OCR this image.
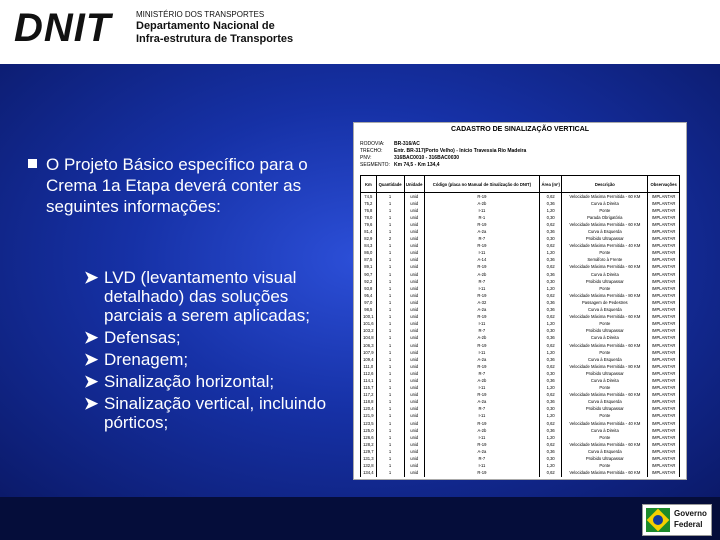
DNIT	MINISTÉRIO DOS TRANSPORTES
Departamento Nacional de
Infra-estrutura de Transportes
O Projeto Básico específico para o Crema 1a Etapa deverá conter as seguintes informações:
➤ LVD (levantamento visual detalhado) das soluções parciais a serem aplicadas;
➤ Defensas;
➤ Drenagem;
➤ Sinalização horizontal;
➤ Sinalização vertical, incluindo pórticos;
CADASTRO DE SINALIZAÇÃO VERTICAL
RODOVIA: BR-316/AC
TRECHO: Entr. BR-317(Porto Velho) - Início Travessia Rio Madeira
PNV:	316BAC0010 - 316BAC0030
SEGMENTO: Km 74,5 - Km 134,4
Km	Quantidade	Unidade	Código (placa no Manual de Sinalização do DNIT)	Área (m²)	Descrição	Observações
74,5	1	unid	R-19	0,62	Velocidade Máxima Permitida - 60 KM	IMPLANTAR
75,2	1	unid	A-2b	0,36	Curva à Direita	IMPLANTAR
76,8	1	unid	I-11	1,20	Ponte	IMPLANTAR
78,0	1	unid	R-1	0,30	Parada Obrigatória	IMPLANTAR
79,6	1	unid	R-19	0,62	Velocidade Máxima Permitida - 60 KM	IMPLANTAR
81,4	1	unid	A-2a	0,36	Curva à Esquerda	IMPLANTAR
82,9	2	unid	R-7	0,30	Proibido Ultrapassar	IMPLANTAR
84,3	1	unid	R-19	0,62	Velocidade Máxima Permitida - 40 KM	IMPLANTAR
86,0	1	unid	I-11	1,20	Ponte	IMPLANTAR
87,5	1	unid	A-14	0,36	Semáforo à Frente	IMPLANTAR
89,1	1	unid	R-19	0,62	Velocidade Máxima Permitida - 60 KM	IMPLANTAR
90,7	1	unid	A-2b	0,36	Curva à Direita	IMPLANTAR
92,2	1	unid	R-7	0,30	Proibido Ultrapassar	IMPLANTAR
93,8	1	unid	I-11	1,20	Ponte	IMPLANTAR
95,4	1	unid	R-19	0,62	Velocidade Máxima Permitida - 80 KM	IMPLANTAR
97,0	1	unid	A-32	0,36	Passagem de Pedestres	IMPLANTAR
98,5	1	unid	A-2a	0,36	Curva à Esquerda	IMPLANTAR
100,1	1	unid	R-19	0,62	Velocidade Máxima Permitida - 60 KM	IMPLANTAR
101,6	1	unid	I-11	1,20	Ponte	IMPLANTAR
103,2	1	unid	R-7	0,30	Proibido Ultrapassar	IMPLANTAR
104,8	1	unid	A-2b	0,36	Curva à Direita	IMPLANTAR
106,3	1	unid	R-19	0,62	Velocidade Máxima Permitida - 60 KM	IMPLANTAR
107,9	1	unid	I-11	1,20	Ponte	IMPLANTAR
109,4	1	unid	A-2a	0,36	Curva à Esquerda	IMPLANTAR
111,0	1	unid	R-19	0,62	Velocidade Máxima Permitida - 80 KM	IMPLANTAR
112,6	1	unid	R-7	0,30	Proibido Ultrapassar	IMPLANTAR
114,1	1	unid	A-2b	0,36	Curva à Direita	IMPLANTAR
115,7	1	unid	I-11	1,20	Ponte	IMPLANTAR
117,2	1	unid	R-19	0,62	Velocidade Máxima Permitida - 60 KM	IMPLANTAR
118,8	1	unid	A-2a	0,36	Curva à Esquerda	IMPLANTAR
120,4	1	unid	R-7	0,30	Proibido Ultrapassar	IMPLANTAR
121,9	1	unid	I-11	1,20	Ponte	IMPLANTAR
123,5	1	unid	R-19	0,62	Velocidade Máxima Permitida - 40 KM	IMPLANTAR
125,0	1	unid	A-2b	0,36	Curva à Direita	IMPLANTAR
126,6	1	unid	I-11	1,20	Ponte	IMPLANTAR
128,2	1	unid	R-19	0,62	Velocidade Máxima Permitida - 60 KM	IMPLANTAR
129,7	1	unid	A-2a	0,36	Curva à Esquerda	IMPLANTAR
131,3	1	unid	R-7	0,30	Proibido Ultrapassar	IMPLANTAR
132,8	1	unid	I-11	1,20	Ponte	IMPLANTAR
134,4	1	unid	R-19	0,62	Velocidade Máxima Permitida - 60 KM	IMPLANTAR
Governo
Federal
